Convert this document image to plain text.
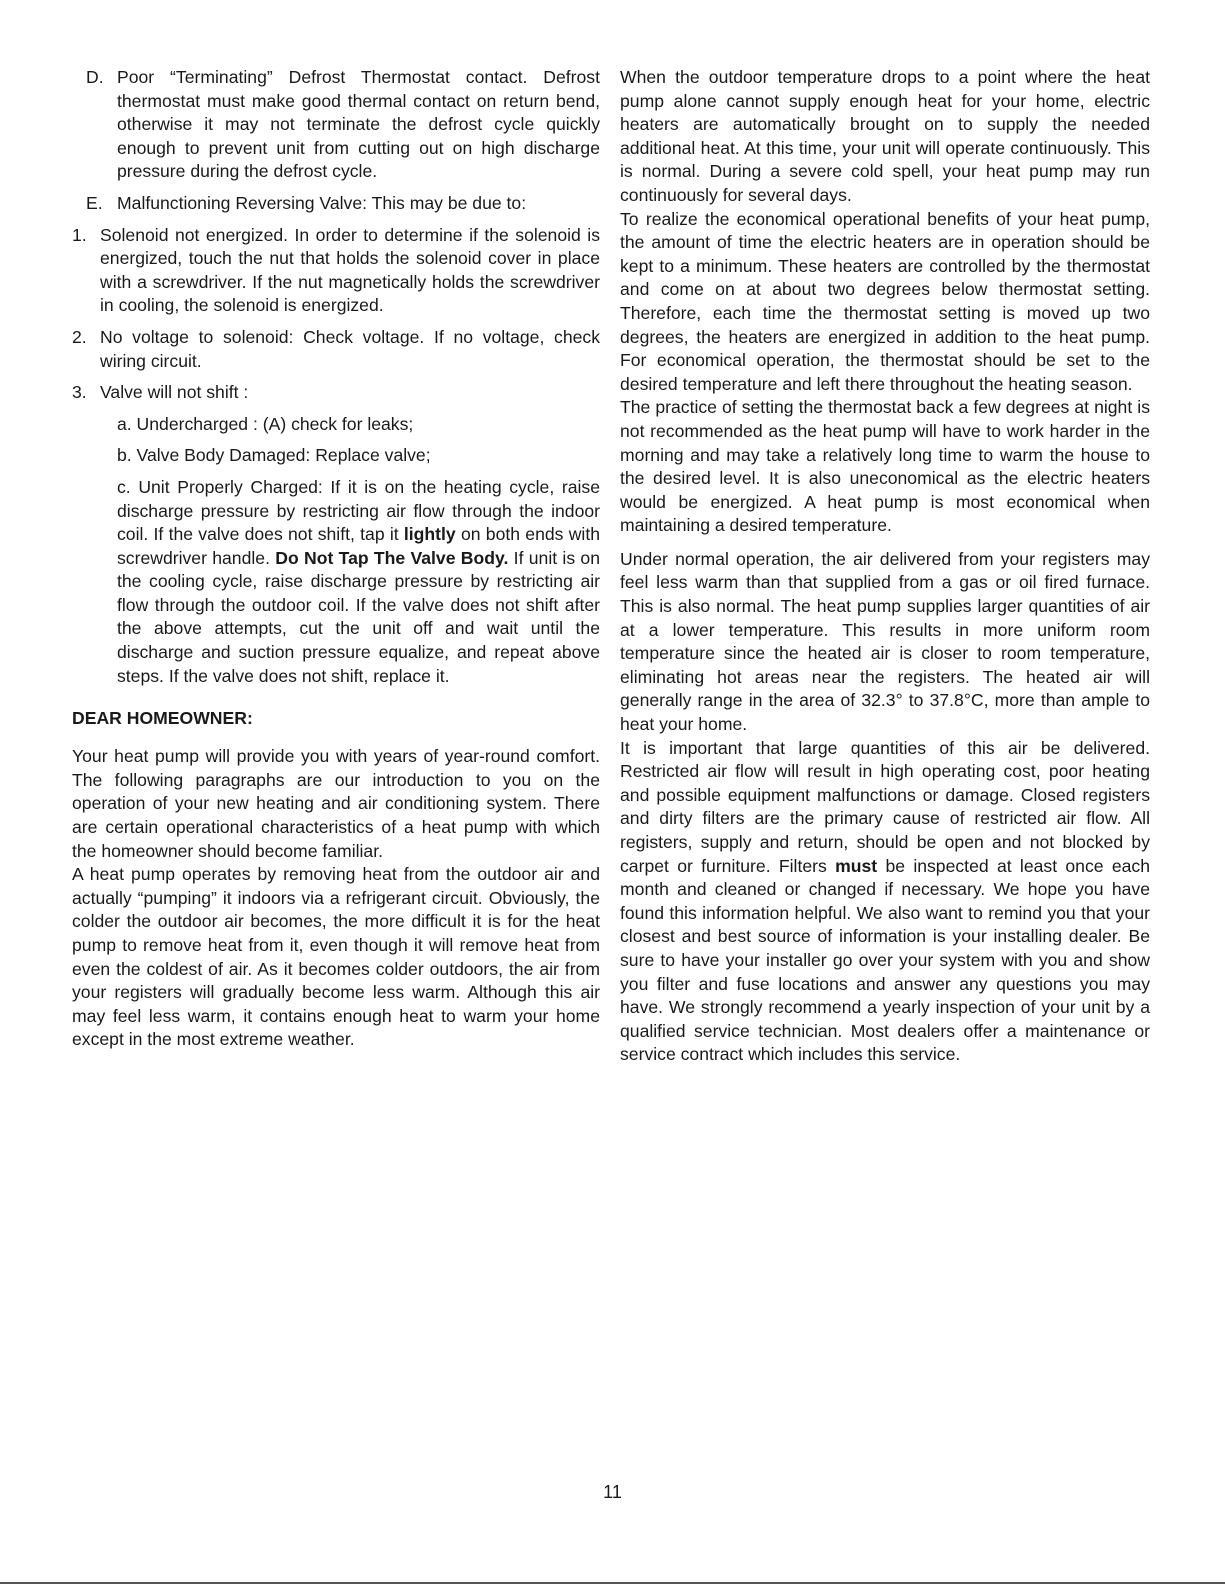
D. Poor “Terminating” Defrost Thermostat contact. Defrost thermostat must make good thermal contact on return bend, otherwise it may not terminate the defrost cycle quickly enough to prevent unit from cutting out on high discharge pressure during the defrost cycle.

E. Malfunctioning Reversing Valve: This may be due to:

1. Solenoid not energized. In order to determine if the solenoid is energized, touch the nut that holds the solenoid cover in place with a screwdriver. If the nut magnetically holds the screwdriver in cooling, the solenoid is energized.

2. No voltage to solenoid: Check voltage. If no voltage, check wiring circuit.

3. Valve will not shift :

a. Undercharged : (A) check for leaks;

b. Valve Body Damaged: Replace valve;

c. Unit Properly Charged: If it is on the heating cycle, raise discharge pressure by restricting air flow through the indoor coil. If the valve does not shift, tap it lightly on both ends with screwdriver handle. Do Not Tap The Valve Body. If unit is on the cooling cycle, raise discharge pressure by restricting air flow through the outdoor coil. If the valve does not shift after the above attempts, cut the unit off and wait until the discharge and suction pressure equalize, and repeat above steps. If the valve does not shift, replace it.

DEAR HOMEOWNER:

Your heat pump will provide you with years of year-round comfort. The following paragraphs are our introduction to you on the operation of your new heating and air conditioning system. There are certain operational characteristics of a heat pump with which the homeowner should become familiar.

A heat pump operates by removing heat from the outdoor air and actually “pumping” it indoors via a refrigerant circuit. Obviously, the colder the outdoor air becomes, the more difficult it is for the heat pump to remove heat from it, even though it will remove heat from even the coldest of air. As it becomes colder outdoors, the air from your registers will gradually become less warm. Although this air may feel less warm, it contains enough heat to warm your home except in the most extreme weather.

When the outdoor temperature drops to a point where the heat pump alone cannot supply enough heat for your home, electric heaters are automatically brought on to supply the needed additional heat. At this time, your unit will operate continuously. This is normal. During a severe cold spell, your heat pump may run continuously for several days.

To realize the economical operational benefits of your heat pump, the amount of time the electric heaters are in operation should be kept to a minimum. These heaters are controlled by the thermostat and come on at about two degrees below thermostat setting. Therefore, each time the thermostat setting is moved up two degrees, the heaters are energized in addition to the heat pump. For economical operation, the thermostat should be set to the desired temperature and left there throughout the heating season.

The practice of setting the thermostat back a few degrees at night is not recommended as the heat pump will have to work harder in the morning and may take a relatively long time to warm the house to the desired level. It is also uneconomical as the electric heaters would be energized. A heat pump is most economical when maintaining a desired temperature.

Under normal operation, the air delivered from your registers may feel less warm than that supplied from a gas or oil fired furnace. This is also normal. The heat pump supplies larger quantities of air at a lower temperature. This results in more uniform room temperature since the heated air is closer to room temperature, eliminating hot areas near the registers. The heated air will generally range in the area of 32.3° to 37.8°C, more than ample to heat your home.

It is important that large quantities of this air be delivered. Restricted air flow will result in high operating cost, poor heating and possible equipment malfunctions or damage. Closed registers and dirty filters are the primary cause of restricted air flow. All registers, supply and return, should be open and not blocked by carpet or furniture. Filters must be inspected at least once each month and cleaned or changed if necessary. We hope you have found this information helpful. We also want to remind you that your closest and best source of information is your installing dealer. Be sure to have your installer go over your system with you and show you filter and fuse locations and answer any questions you may have. We strongly recommend a yearly inspection of your unit by a qualified service technician. Most dealers offer a maintenance or service contract which includes this service.

11
